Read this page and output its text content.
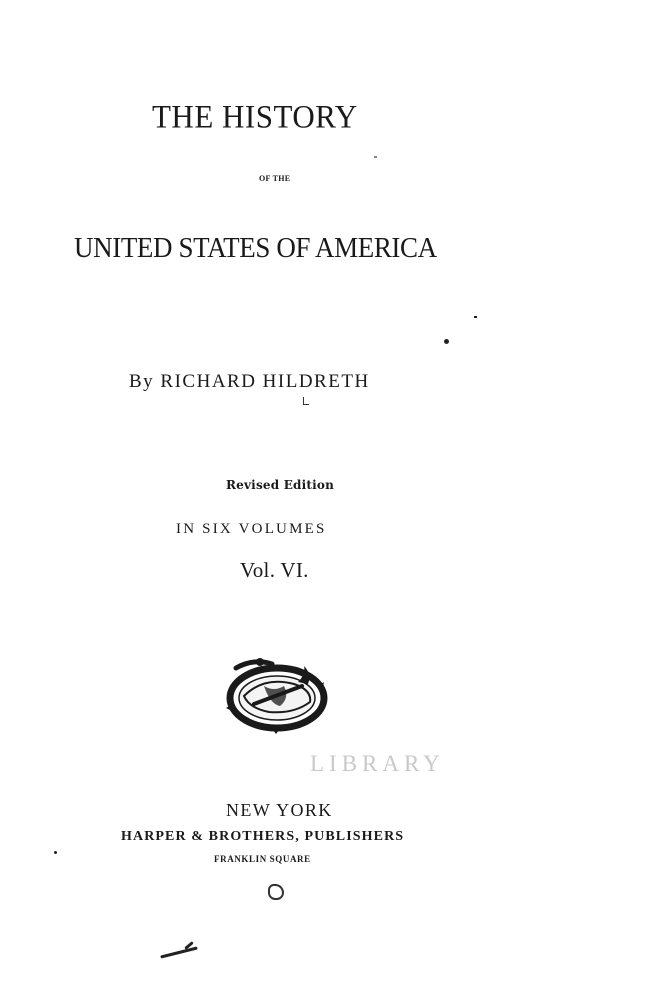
THE HISTORY

OF THE

UNITED STATES OF AMERICA

By RICHARD HILDRETH

Revised Edition

IN SIX VOLUMES

Vol. VI.

LIBRARY

NEW YORK

HARPER & BROTHERS, PUBLISHERS

FRANKLIN SQUARE
